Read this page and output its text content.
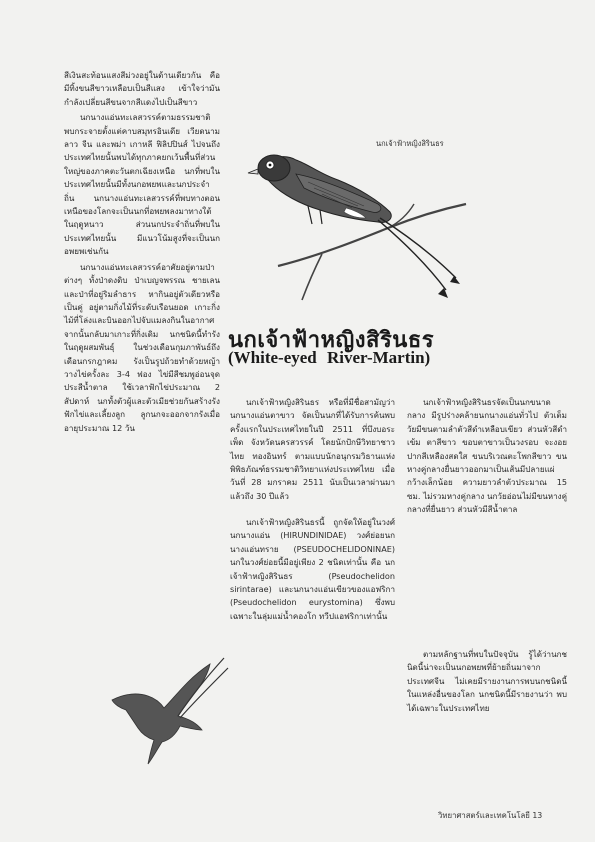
สีเงินสะท้อนแสงสีม่วงอยู่ในด้านเดียวกัน คือ มีทิ้งขนสีขาวเหลือบเป็นสีแสง เข้าใจว่ามันกำลังเปลี่ยนสีขนจากสีแดงไปเป็นสีขาว

นกนางแอ่นทะเลสวรรค์ตามธรรมชาติพบกระจายตั้งแต่คาบสมุทรอินเดีย เวียดนาม ลาว จีน และพม่า เกาหลี ฟิลิปปินส์ ไปจนถึงประเทศไทยนั้นพบได้ทุกภาคยกเว้นพื้นที่ส่วนใหญ่ของภาคตะวันตกเฉียงเหนือ นกที่พบในประเทศไทยนั้นมีทั้งนกอพยพและนกประจำถิ่น นกนางแอ่นทะเลสวรรค์ที่พบทางตอนเหนือของโลกจะเป็นนกที่อพยพลงมาทางใต้ในฤดูหนาว ส่วนนกประจำถิ่นที่พบในประเทศไทยนั้น มีแนวโน้มสูงที่จะเป็นนกอพยพเช่นกัน

นกนางแอ่นทะเลสวรรค์อาศัยอยู่ตามป่าต่างๆ ทั้งป่าดงดิบ ป่าเบญจพรรณ ชายเลนและป่าที่อยู่ริมลำธาร หากินอยู่ตัวเดียวหรือเป็นคู่ อยู่ตามกิ่งไม้ที่ระดับเรือนยอด เกาะกิ่งไม้ที่โล่งและบินออกไปจับแมลงกินในอากาศ จากนั้นกลับมาเกาะที่กิ่งเดิม นกชนิดนี้ทำรังในฤดูผสมพันธุ์ ในช่วงเดือนกุมภาพันธ์ถึงเดือนกรกฎาคม รังเป็นรูปถ้วยทำด้วยหญ้า วางไข่ครั้งละ 3-4 ฟอง ไข่มีสีชมพูอ่อนจุดประสีน้ำตาล ใช้เวลาฟักไข่ประมาณ 2 สัปดาห์ นกทั้งตัวผู้และตัวเมียช่วยกันสร้างรัง ฟักไข่และเลี้ยงลูก ลูกนกจะออกจากรังเมื่ออายุประมาณ 12 วัน

นกเจ้าฟ้าหญิงสิรินธร
นกเจ้าฟ้าหญิงสิรินธร
(White-eyed River-Martin)

นกเจ้าฟ้าหญิงสิรินธร หรือที่มีชื่อสามัญว่า นกนางแอ่นตาขาว จัดเป็นนกที่ได้รับการค้นพบครั้งแรกในประเทศไทยในปี 2511 ที่บึงบอระเพ็ด จังหวัดนครสวรรค์ โดยนักปักษีวิทยาชาวไทย ทองอินทร์ ตามแบบนักอนุกรมวิธานแห่งพิพิธภัณฑ์ธรรมชาติวิทยาแห่งประเทศไทย เมื่อวันที่ 28 มกราคม 2511 นับเป็นเวลาผ่านมาแล้วถึง 30 ปีแล้ว

นกเจ้าฟ้าหญิงสิรินธรนี้ ถูกจัดให้อยู่ในวงศ์นกนางแอ่น (HIRUNDINIDAE) วงศ์ย่อยนกนางแอ่นทราย (PSEUDOCHELIDONINAE) นกในวงศ์ย่อยนี้มีอยู่เพียง 2 ชนิดเท่านั้น คือ นกเจ้าฟ้าหญิงสิรินธร (Pseudochelidon sirintarae) และนกนางแอ่นเขียวของแอฟริกา (Pseudochelidon eurystomina) ซึ่งพบเฉพาะในลุ่มแม่น้ำคองโก ทวีปแอฟริกาเท่านั้น

นกเจ้าฟ้าหญิงสิรินธรจัดเป็นนกขนาดกลาง มีรูปร่างคล้ายนกนางแอ่นทั่วไป ตัวเต็มวัยมีขนตามลำตัวสีดำเหลือบเขียว ส่วนหัวสีดำเข้ม ตาสีขาว ขอบตาขาวเป็นวงรอบ จะงอยปากสีเหลืองสดใส ขนบริเวณตะโพกสีขาว ขนหางคู่กลางยื่นยาวออกมาเป็นเส้นมีปลายแผ่กว้างเล็กน้อย ความยาวลำตัวประมาณ 15 ซม. ไม่รวมหางคู่กลาง นกวัยอ่อนไม่มีขนหางคู่กลางที่ยื่นยาว ส่วนหัวมีสีน้ำตาล

ตามหลักฐานที่พบในปัจจุบัน รู้ได้ว่านกชนิดนี้น่าจะเป็นนกอพยพที่ย้ายถิ่นมาจากประเทศจีน ไม่เคยมีรายงานการพบนกชนิดนี้ในแหล่งอื่นของโลก นกชนิดนี้มีรายงานว่า พบได้เฉพาะในประเทศไทย

วิทยาศาสตร์และเทคโนโลยี 13
